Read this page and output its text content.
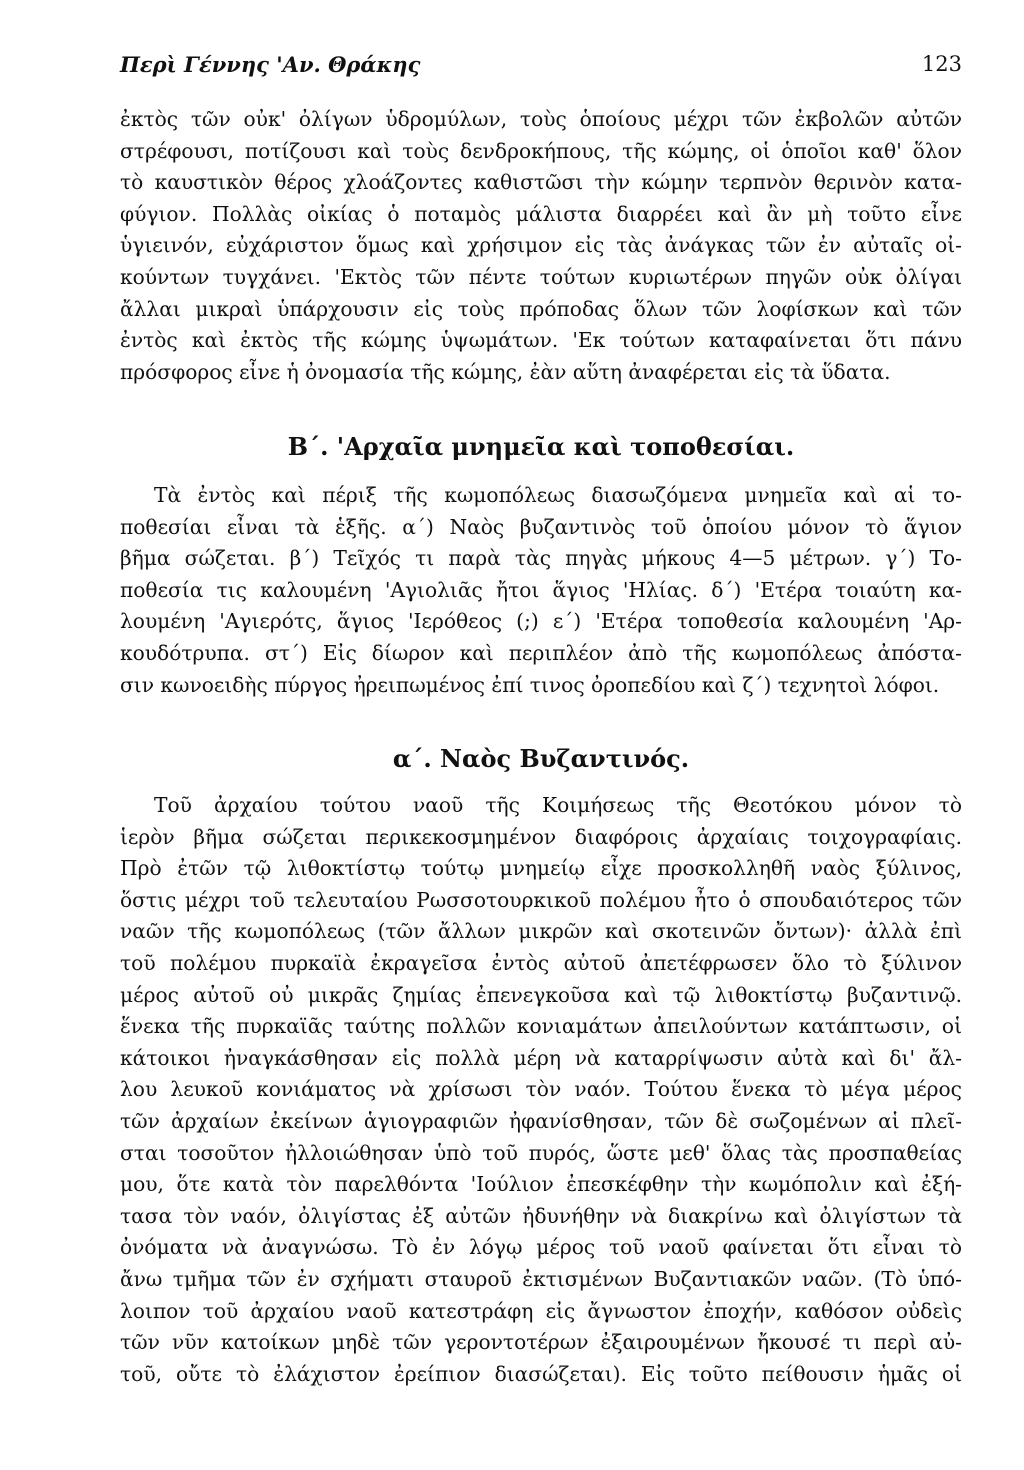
Περὶ Γέννης 'Αν. Θράκης	123
ἐκτὸς τῶν οὐκ' ὀλίγων ὑδρομύλων, τοὺς ὁποίους μέχρι τῶν ἐκβολῶν αὐτῶν
στρέφουσι, ποτίζουσι καὶ τοὺς δενδροκήπους, τῆς κώμης, οἱ ὁποῖοι καθ' ὅλον
τὸ καυστικὸν θέρος χλοάζοντες καθιστῶσι τὴν κώμην τερπνὸν θερινὸν κατα-
φύγιον. Πολλὰς οἰκίας ὁ ποταμὸς μάλιστα διαρρέει καὶ ἂν μὴ τοῦτο εἶνε
ὑγιεινόν, εὐχάριστον ὅμως καὶ χρήσιμον εἰς τὰς ἀνάγκας τῶν ἐν αὐταῖς οἰ-
κούντων τυγχάνει. 'Εκτὸς τῶν πέντε τούτων κυριωτέρων πηγῶν οὐκ ὀλίγαι
ἄλλαι μικραὶ ὑπάρχουσιν εἰς τοὺς πρόποδας ὅλων τῶν λοφίσκων καὶ τῶν
ἐντὸς καὶ ἐκτὸς τῆς κώμης ὑψωμάτων. 'Εκ τούτων καταφαίνεται ὅτι πάνυ
πρόσφορος εἶνε ἡ ὀνομασία τῆς κώμης, ἐὰν αὕτη ἀναφέρεται εἰς τὰ ὕδατα.
Β΄. 'Αρχαῖα μνημεῖα καὶ τοποθεσίαι.
Τὰ ἐντὸς καὶ πέριξ τῆς κωμοπόλεως διασωζόμενα μνημεῖα καὶ αἱ το-
ποθεσίαι εἶναι τὰ ἑξῆς. α΄) Ναὸς βυζαντινὸς τοῦ ὁποίου μόνον τὸ ἅγιον
βῆμα σώζεται. β΄) Τεῖχός τι παρὰ τὰς πηγὰς μήκους 4—5 μέτρων. γ΄) Το-
ποθεσία τις καλουμένη 'Αγιολιᾶς ἤτοι ἅγιος 'Ηλίας. δ΄) 'Ετέρα τοιαύτη κα-
λουμένη 'Αγιερότς, ἅγιος 'Ιερόθεος (;) ε΄) 'Ετέρα τοποθεσία καλουμένη 'Αρ-
κουδότρυπα. στ΄) Εἰς δίωρον καὶ περιπλέον ἀπὸ τῆς κωμοπόλεως ἀπόστα-
σιν κωνοειδὴς πύργος ἠρειπωμένος ἐπί τινος ὀροπεδίου καὶ ζ΄) τεχνητοὶ λόφοι.
α΄. Ναὸς Βυζαντινός.
Τοῦ ἀρχαίου τούτου ναοῦ τῆς Κοιμήσεως τῆς Θεοτόκου μόνον τὸ
ἱερὸν βῆμα σώζεται περικεκοσμημένον διαφόροις ἀρχαίαις τοιχογραφίαις.
Πρὸ ἐτῶν τῷ λιθοκτίστῳ τούτῳ μνημείῳ εἶχε προσκολληθῆ ναὸς ξύλινος,
ὅστις μέχρι τοῦ τελευταίου Ρωσσοτουρκικοῦ πολέμου ἦτο ὁ σπουδαιότερος τῶν
ναῶν τῆς κωμοπόλεως (τῶν ἄλλων μικρῶν καὶ σκοτεινῶν ὄντων)· ἀλλὰ ἐπὶ
τοῦ πολέμου πυρκαϊὰ ἐκραγεῖσα ἐντὸς αὐτοῦ ἀπετέφρωσεν ὅλο τὸ ξύλινον
μέρος αὐτοῦ οὐ μικρᾶς ζημίας ἐπενεγκοῦσα καὶ τῷ λιθοκτίστῳ βυζαντινῷ.
ἕνεκα τῆς πυρκαϊᾶς ταύτης πολλῶν κονιαμάτων ἀπειλούντων κατάπτωσιν, οἱ
κάτοικοι ἠναγκάσθησαν εἰς πολλὰ μέρη νὰ καταρρίψωσιν αὐτὰ καὶ δι' ἄλ-
λου λευκοῦ κονιάματος νὰ χρίσωσι τὸν ναόν. Τούτου ἕνεκα τὸ μέγα μέρος
τῶν ἀρχαίων ἐκείνων ἁγιογραφιῶν ἠφανίσθησαν, τῶν δὲ σωζομένων αἱ πλεῖ-
σται τοσοῦτον ἠλλοιώθησαν ὑπὸ τοῦ πυρός, ὥστε μεθ' ὅλας τὰς προσπαθείας
μου, ὅτε κατὰ τὸν παρελθόντα 'Ιούλιον ἐπεσκέφθην τὴν κωμόπολιν καὶ ἐξή-
τασα τὸν ναόν, ὀλιγίστας ἐξ αὐτῶν ἠδυνήθην νὰ διακρίνω καὶ ὀλιγίστων τὰ
ὀνόματα νὰ ἀναγνώσω. Τὸ ἐν λόγῳ μέρος τοῦ ναοῦ φαίνεται ὅτι εἶναι τὸ
ἄνω τμῆμα τῶν ἐν σχήματι σταυροῦ ἐκτισμένων Βυζαντιακῶν ναῶν. (Τὸ ὑπό-
λοιπον τοῦ ἀρχαίου ναοῦ κατεστράφη εἰς ἄγνωστον ἐποχήν, καθόσον οὐδεὶς
τῶν νῦν κατοίκων μηδὲ τῶν γεροντοτέρων ἐξαιρουμένων ἤκουσέ τι περὶ αὐ-
τοῦ, οὔτε τὸ ἐλάχιστον ἐρείπιον διασώζεται). Εἰς τοῦτο πείθουσιν ἡμᾶς οἱ
